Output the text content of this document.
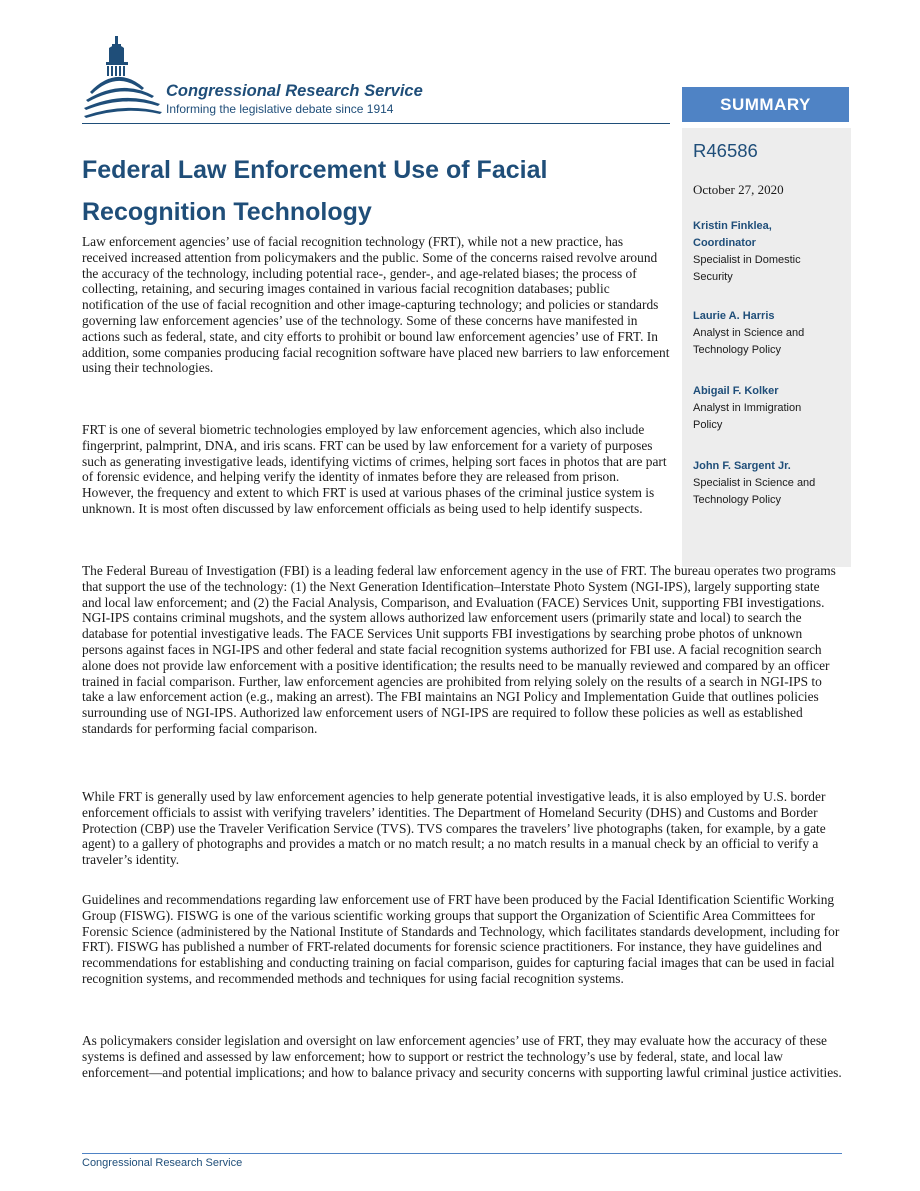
Congressional Research Service
Informing the legislative debate since 1914	SUMMARY
R46586
October 27, 2020
Kristin Finklea,
Coordinator
Specialist in Domestic
Security
Laurie A. Harris
Analyst in Science and
Technology Policy
Abigail F. Kolker
Analyst in Immigration
Policy
John F. Sargent Jr.
Specialist in Science and
Technology Policy
Federal Law Enforcement Use of Facial
Recognition Technology

Law enforcement agencies’ use of facial recognition technology (FRT), while not a new practice, has received increased attention from policymakers and the public. Some of the concerns raised revolve around the accuracy of the technology, including potential race-, gender-, and age-related biases; the process of collecting, retaining, and securing images contained in various facial recognition databases; public notification of the use of facial recognition and other image-capturing technology; and policies or standards governing law enforcement agencies’ use of the technology. Some of these concerns have manifested in actions such as federal, state, and city efforts to prohibit or bound law enforcement agencies’ use of FRT. In addition, some companies producing facial recognition software have placed new barriers to law enforcement using their technologies.

FRT is one of several biometric technologies employed by law enforcement agencies, which also include fingerprint, palmprint, DNA, and iris scans. FRT can be used by law enforcement for a variety of purposes such as generating investigative leads, identifying victims of crimes, helping sort faces in photos that are part of forensic evidence, and helping verify the identity of inmates before they are released from prison. However, the frequency and extent to which FRT is used at various phases of the criminal justice system is unknown. It is most often discussed by law enforcement officials as being used to help identify suspects.

The Federal Bureau of Investigation (FBI) is a leading federal law enforcement agency in the use of FRT. The bureau operates two programs that support the use of the technology: (1) the Next Generation Identification–Interstate Photo System (NGI-IPS), largely supporting state and local law enforcement; and (2) the Facial Analysis, Comparison, and Evaluation (FACE) Services Unit, supporting FBI investigations. NGI-IPS contains criminal mugshots, and the system allows authorized law enforcement users (primarily state and local) to search the database for potential investigative leads. The FACE Services Unit supports FBI investigations by searching probe photos of unknown persons against faces in NGI-IPS and other federal and state facial recognition systems authorized for FBI use. A facial recognition search alone does not provide law enforcement with a positive identification; the results need to be manually reviewed and compared by an officer trained in facial comparison. Further, law enforcement agencies are prohibited from relying solely on the results of a search in NGI-IPS to take a law enforcement action (e.g., making an arrest). The FBI maintains an NGI Policy and Implementation Guide that outlines policies surrounding use of NGI-IPS. Authorized law enforcement users of NGI-IPS are required to follow these policies as well as established standards for performing facial comparison.

While FRT is generally used by law enforcement agencies to help generate potential investigative leads, it is also employed by U.S. border enforcement officials to assist with verifying travelers’ identities. The Department of Homeland Security (DHS) and Customs and Border Protection (CBP) use the Traveler Verification Service (TVS). TVS compares the travelers’ live photographs (taken, for example, by a gate agent) to a gallery of photographs and provides a match or no match result; a no match results in a manual check by an official to verify a traveler’s identity.

Guidelines and recommendations regarding law enforcement use of FRT have been produced by the Facial Identification Scientific Working Group (FISWG). FISWG is one of the various scientific working groups that support the Organization of Scientific Area Committees for Forensic Science (administered by the National Institute of Standards and Technology, which facilitates standards development, including for FRT). FISWG has published a number of FRT-related documents for forensic science practitioners. For instance, they have guidelines and recommendations for establishing and conducting training on facial comparison, guides for capturing facial images that can be used in facial recognition systems, and recommended methods and techniques for using facial recognition systems.

As policymakers consider legislation and oversight on law enforcement agencies’ use of FRT, they may evaluate how the accuracy of these systems is defined and assessed by law enforcement; how to support or restrict the technology’s use by federal, state, and local law enforcement—and potential implications; and how to balance privacy and security concerns with supporting lawful criminal justice activities.

Congressional Research Service
